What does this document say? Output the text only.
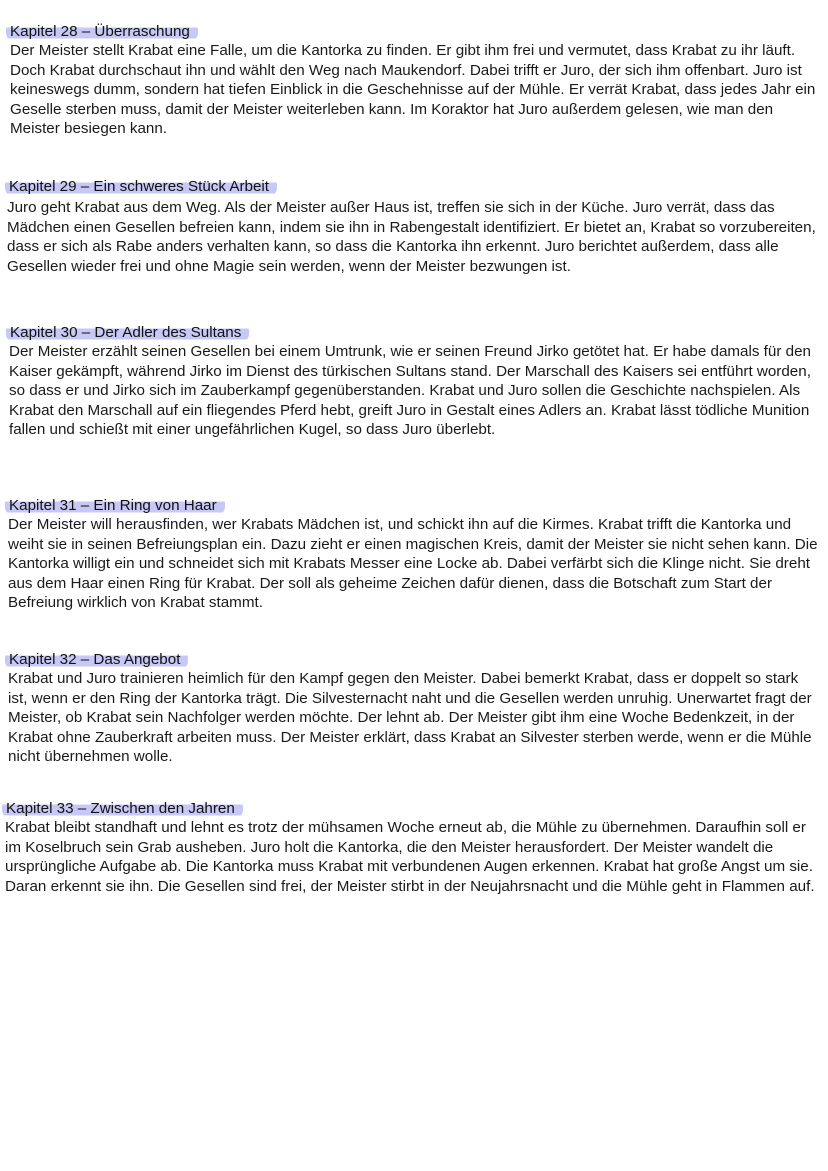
Kapitel 28 – Überraschung

Der Meister stellt Krabat eine Falle, um die Kantorka zu finden. Er gibt ihm frei und vermutet, dass Krabat zu ihr läuft. Doch Krabat durchschaut ihn und wählt den Weg nach Maukendorf. Dabei trifft er Juro, der sich ihm offenbart. Juro ist keineswegs dumm, sondern hat tiefen Einblick in die Geschehnisse auf der Mühle. Er verrät Krabat, dass jedes Jahr ein Geselle sterben muss, damit der Meister weiterleben kann. Im Koraktor hat Juro außerdem gelesen, wie man den Meister besiegen kann.

Kapitel 29 – Ein schweres Stück Arbeit

Juro geht Krabat aus dem Weg. Als der Meister außer Haus ist, treffen sie sich in der Küche. Juro verrät, dass das Mädchen einen Gesellen befreien kann, indem sie ihn in Rabengestalt identifiziert. Er bietet an, Krabat so vorzubereiten, dass er sich als Rabe anders verhalten kann, so dass die Kantorka ihn erkennt. Juro berichtet außerdem, dass alle Gesellen wieder frei und ohne Magie sein werden, wenn der Meister bezwungen ist.

Kapitel 30 – Der Adler des Sultans

Der Meister erzählt seinen Gesellen bei einem Umtrunk, wie er seinen Freund Jirko getötet hat. Er habe damals für den Kaiser gekämpft, während Jirko im Dienst des türkischen Sultans stand. Der Marschall des Kaisers sei entführt worden, so dass er und Jirko sich im Zauberkampf gegenüberstanden. Krabat und Juro sollen die Geschichte nachspielen. Als Krabat den Marschall auf ein fliegendes Pferd hebt, greift Juro in Gestalt eines Adlers an. Krabat lässt tödliche Munition fallen und schießt mit einer ungefährlichen Kugel, so dass Juro überlebt.

Kapitel 31 – Ein Ring von Haar

Der Meister will herausfinden, wer Krabats Mädchen ist, und schickt ihn auf die Kirmes. Krabat trifft die Kantorka und weiht sie in seinen Befreiungsplan ein. Dazu zieht er einen magischen Kreis, damit der Meister sie nicht sehen kann. Die Kantorka willigt ein und schneidet sich mit Krabats Messer eine Locke ab. Dabei verfärbt sich die Klinge nicht. Sie dreht aus dem Haar einen Ring für Krabat. Der soll als geheime Zeichen dafür dienen, dass die Botschaft zum Start der Befreiung wirklich von Krabat stammt.

Kapitel 32 – Das Angebot

Krabat und Juro trainieren heimlich für den Kampf gegen den Meister. Dabei bemerkt Krabat, dass er doppelt so stark ist, wenn er den Ring der Kantorka trägt. Die Silvesternacht naht und die Gesellen werden unruhig. Unerwartet fragt der Meister, ob Krabat sein Nachfolger werden möchte. Der lehnt ab. Der Meister gibt ihm eine Woche Bedenkzeit, in der Krabat ohne Zauberkraft arbeiten muss. Der Meister erklärt, dass Krabat an Silvester sterben werde, wenn er die Mühle nicht übernehmen wolle.

Kapitel 33 – Zwischen den Jahren

Krabat bleibt standhaft und lehnt es trotz der mühsamen Woche erneut ab, die Mühle zu übernehmen. Daraufhin soll er im Koselbruch sein Grab ausheben. Juro holt die Kantorka, die den Meister herausfordert. Der Meister wandelt die ursprüngliche Aufgabe ab. Die Kantorka muss Krabat mit verbundenen Augen erkennen. Krabat hat große Angst um sie. Daran erkennt sie ihn. Die Gesellen sind frei, der Meister stirbt in der Neujahrsnacht und die Mühle geht in Flammen auf.
